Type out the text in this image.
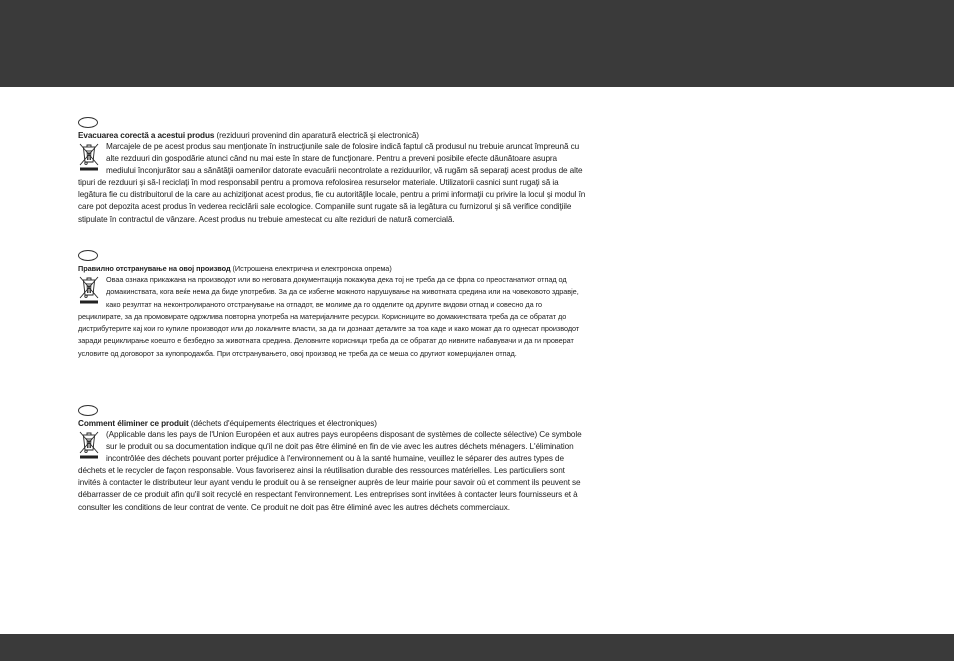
Evacuarea corectă a acestui produs (reziduuri provenind din aparatură electrică şi electronică)
Marcajele de pe acest produs sau menţionate în instrucţiunile sale de folosire indică faptul că produsul nu trebuie aruncat împreună cu alte rezduuri din gospodărie atunci când nu mai este în stare de funcţionare. Pentru a preveni posibile efecte dăunătoare asupra mediului înconjurător sau a sănătăţii oamenilor datorate evacuării necontrolate a reziduurilor, vă rugăm să separaţi acest produs de alte tipuri de rezduuri şi să-l reciclaţi în mod responsabil pentru a promova refolosirea resurselor materiale. Utilizatorii casnici sunt rugaţi să ia legătura fie cu distribuitorul de la care au achiziţionat acest produs, fie cu autorităţile locale, pentru a primi informaţii cu privire la locul şi modul în care pot depozita acest produs în vederea reciclării sale ecologice. Companiile sunt rugate să ia legătura cu furnizorul şi să verifice condiţiile stipulate în contractul de vânzare. Acest produs nu trebuie amestecat cu alte reziduri de natură comercială.
Правилно отстранување на овој производ (Истрошена електрична и електронска опрема)
Оваа ознака прикажана на производот или во неговата документација покажува дека тој не треба да се фрла со преостанатиот отпад од домакинствата, кога веќе нема да биде употребив. За да се избегне можното нарушување на животната средина или на човековото здравје, како резултат на неконтролираното отстранување на отпадот, ве молиме да го одделите од другите видови отпад и совесно да го рециклирате, за да промовирате одржлива повторна употреба на материјалните ресурси. Корисниците во домакинствата треба да се обратат до дистрибутерите кај кои го купиле производот или до локалните власти, за да ги дознаат деталите за тоа каде и како можат да го однесат производот заради рециклирање коешто е безбедно за животната средина. Деловните корисници треба да се обратат до нивните набавувачи и да ги проверат условите од договорот за купопродажба. При отстранувањето, овој производ не треба да се меша со другиот комерцијален отпад.
Comment éliminer ce produit (déchets d'équipements électriques et électroniques)
(Applicable dans les pays de l'Union Européen et aux autres pays européens disposant de systèmes de collecte sélective) Ce symbole sur le produit ou sa documentation indique qu'il ne doit pas être éliminé en fin de vie avec les autres déchets ménagers. L'élimination incontrôlée des déchets pouvant porter préjudice à l'environnement ou à la santé humaine, veuillez le séparer des autres types de déchets et le recycler de façon responsable. Vous favoriserez ainsi la réutilisation durable des ressources matérielles. Les particuliers sont invités à contacter le distributeur leur ayant vendu le produit ou à se renseigner auprès de leur mairie pour savoir où et comment ils peuvent se débarrasser de ce produit afin qu'il soit recyclé en respectant l'environnement. Les entreprises sont invitées à contacter leurs fournisseurs et à consulter les conditions de leur contrat de vente. Ce produit ne doit pas être éliminé avec les autres déchets commerciaux.
